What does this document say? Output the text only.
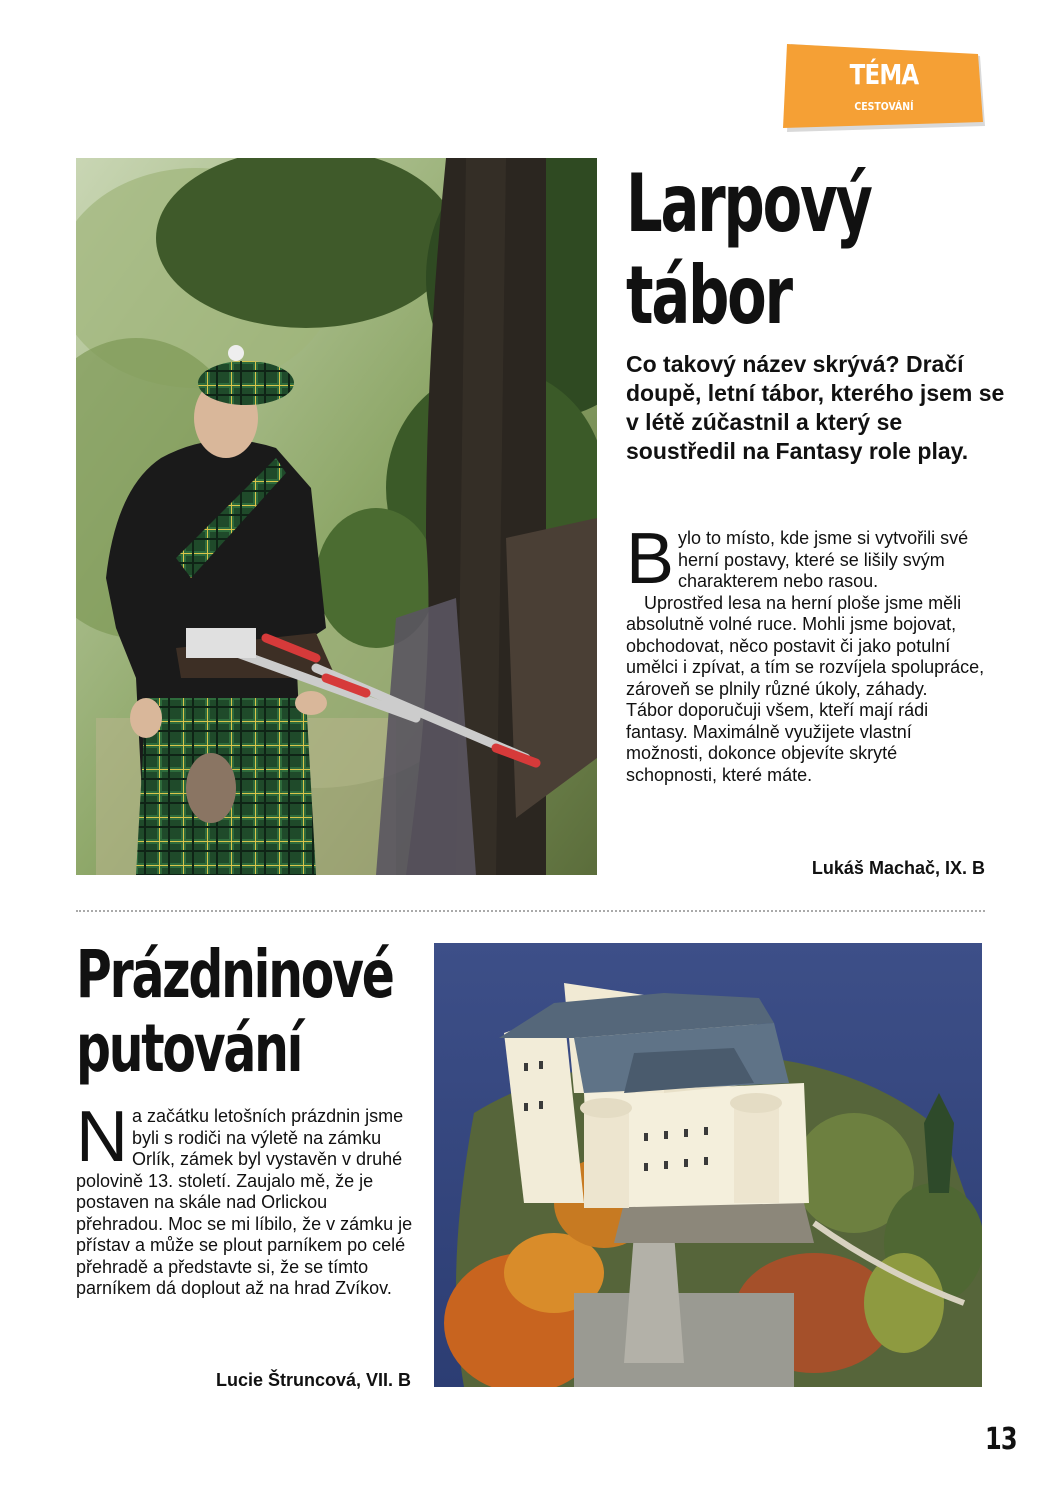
TÉMA
CESTOVÁNÍ
Larpový
tábor
Co takový název skrývá? Dračí doupě, letní tábor, kterého jsem se v létě zúčastnil a který se soustředil na Fantasy role play.

Bylo to místo, kde jsme si vytvořili své herní postavy, které se lišily svým charakterem nebo rasou.

Uprostřed lesa na herní ploše jsme měli absolutně volné ruce. Mohli jsme bojovat, obchodovat, něco postavit či jako potulní umělci i zpívat, a tím se rozvíjela spolupráce, zároveň se plnily různé úkoly, záhady.

Tábor doporučuji všem, kteří mají rádi fantasy. Maximálně využijete vlastní možnosti, dokonce objevíte skryté schopnosti, které máte.

Lukáš Machač, IX. B
Prázdninové
putování

Na začátku letošních prázdnin jsme byli s rodiči na výletě na zámku Orlík, zámek byl vystavěn v druhé polovině 13. století. Zaujalo mě, že je postaven na skále nad Orlickou přehradou. Moc se mi líbilo, že v zámku je přístav a může se plout parníkem po celé přehradě a představte si, že se tímto parníkem dá doplout až na hrad Zvíkov.

Lucie Štruncová, VII. B
13
